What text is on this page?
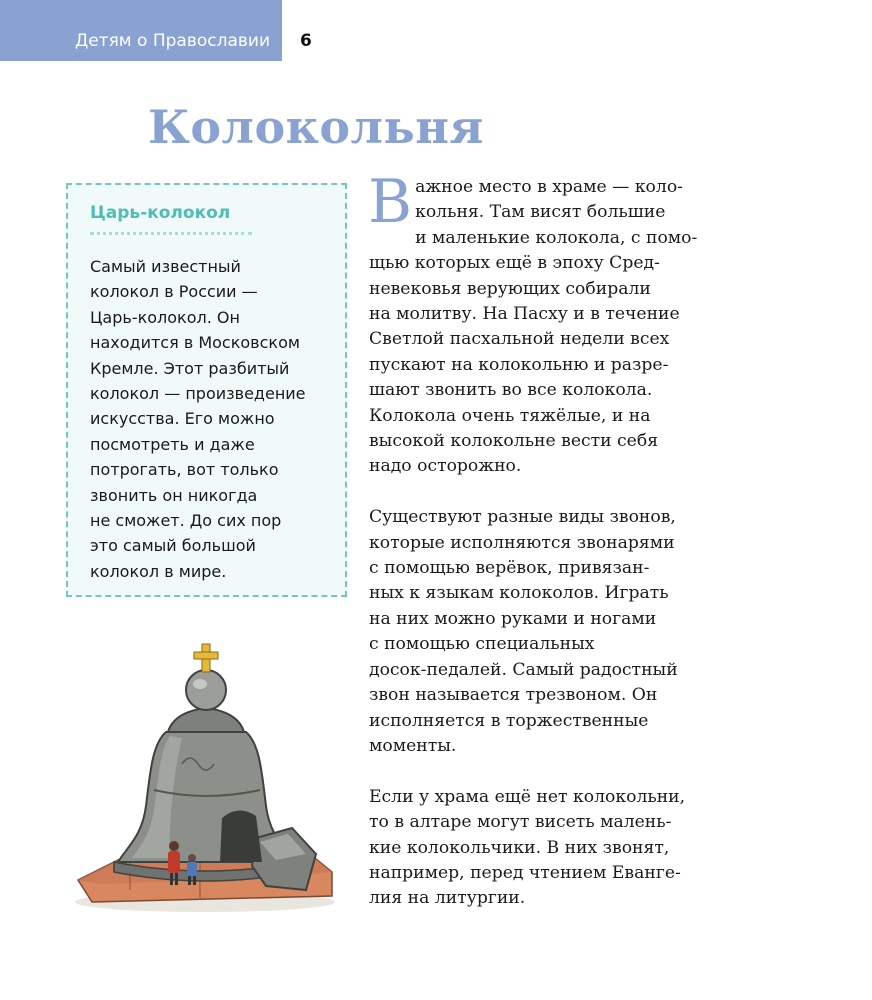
Детям о Православии 6
Колокольня
Царь-колокол
Самый известный
колокол в России —
Царь-колокол. Он
находится в Московском
Кремле. Этот разбитый
колокол — произведение
искусства. Его можно
посмотреть и даже
потрогать, вот только
звонить он никогда
не сможет. До сих пор
это самый большой
колокол в мире.
В ажное место в храме — коло-
кольня. Там висят большие
и маленькие колокола, с помо-
щью которых ещё в эпоху Сред-
невековья верующих собирали
на молитву. На Пасху и в течение
Светлой пасхальной недели всех
пускают на колокольню и разре-
шают звонить во все колокола.
Колокола очень тяжёлые, и на
высокой колокольне вести себя
надо осторожно.
Существуют разные виды звонов,
которые исполняются звонарями
с помощью верёвок, привязан-
ных к языкам колоколов. Играть
на них можно руками и ногами
с помощью специальных
досок-педалей. Самый радостный
звон называется трезвоном. Он
исполняется в торжественные
моменты.
Если у храма ещё нет колокольни,
то в алтаре могут висеть малень-
кие колокольчики. В них звонят,
например, перед чтением Еванге-
лия на литургии.
